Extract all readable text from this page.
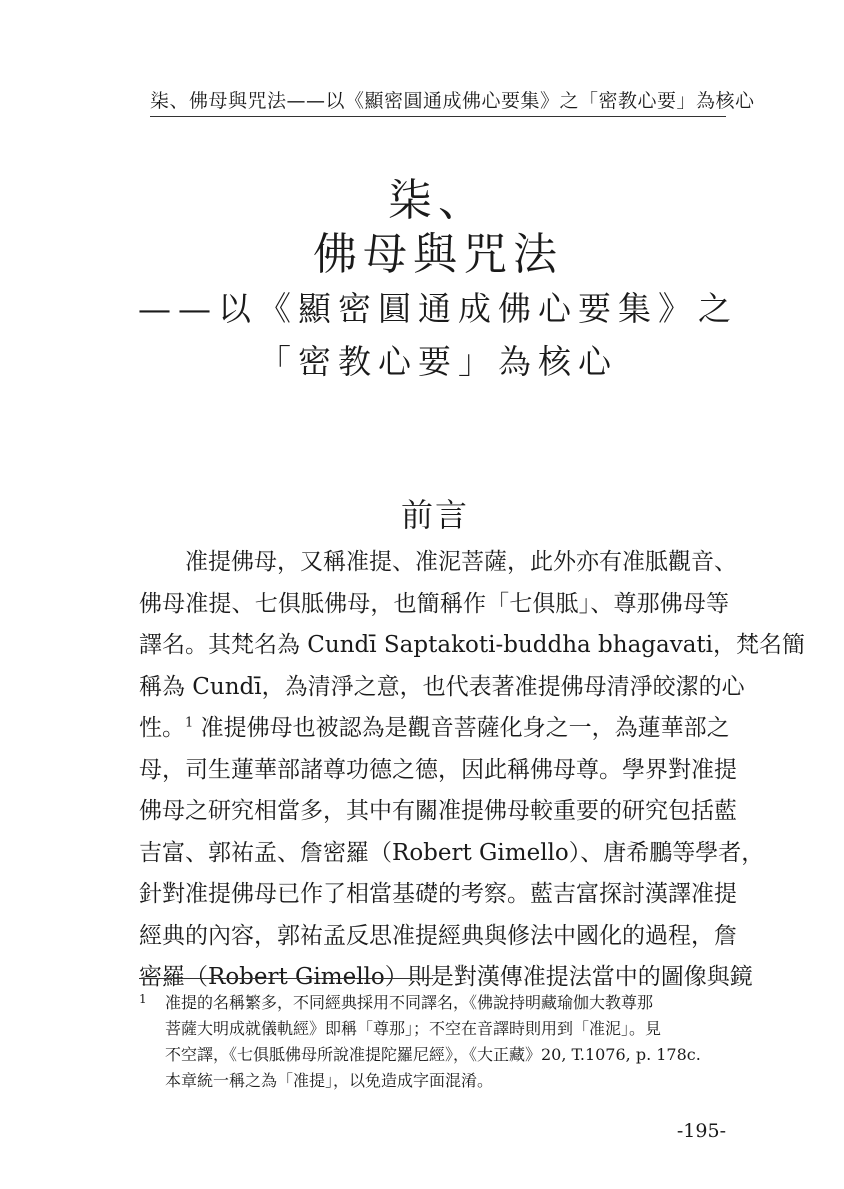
柒、佛母與咒法——以《顯密圓通成佛心要集》之「密教心要」為核心
柒、
佛母與咒法
——以《顯密圓通成佛心要集》之
「密教心要」為核心
前言
准提佛母，又稱准提、准泥菩薩，此外亦有准胝觀音、
佛母准提、七俱胝佛母，也簡稱作「七俱胝」、尊那佛母等
譯名。其梵名為 Cundī Saptakoti-buddha bhagavati，梵名簡
稱為 Cundī，為清淨之意，也代表著准提佛母清淨皎潔的心
性。$^1$ 准提佛母也被認為是觀音菩薩化身之一，為蓮華部之
母，司生蓮華部諸尊功德之德，因此稱佛母尊。學界對准提
佛母之研究相當多，其中有關准提佛母較重要的研究包括藍
吉富、郭祐孟、詹密羅（Robert Gimello）、唐希鵬等學者，
針對准提佛母已作了相當基礎的考察。藍吉富探討漢譯准提
經典的內容，郭祐孟反思准提經典與修法中國化的過程，詹
密羅（Robert Gimello）則是對漢傳准提法當中的圖像與鏡
1 准提的名稱繁多，不同經典採用不同譯名，《佛說持明藏瑜伽大教尊那
菩薩大明成就儀軌經》即稱「尊那」；不空在音譯時則用到「准泥」。見
不空譯，《七俱胝佛母所說准提陀羅尼經》，《大正藏》20, T.1076, p. 178c.
本章統一稱之為「准提」，以免造成字面混淆。
-195-
